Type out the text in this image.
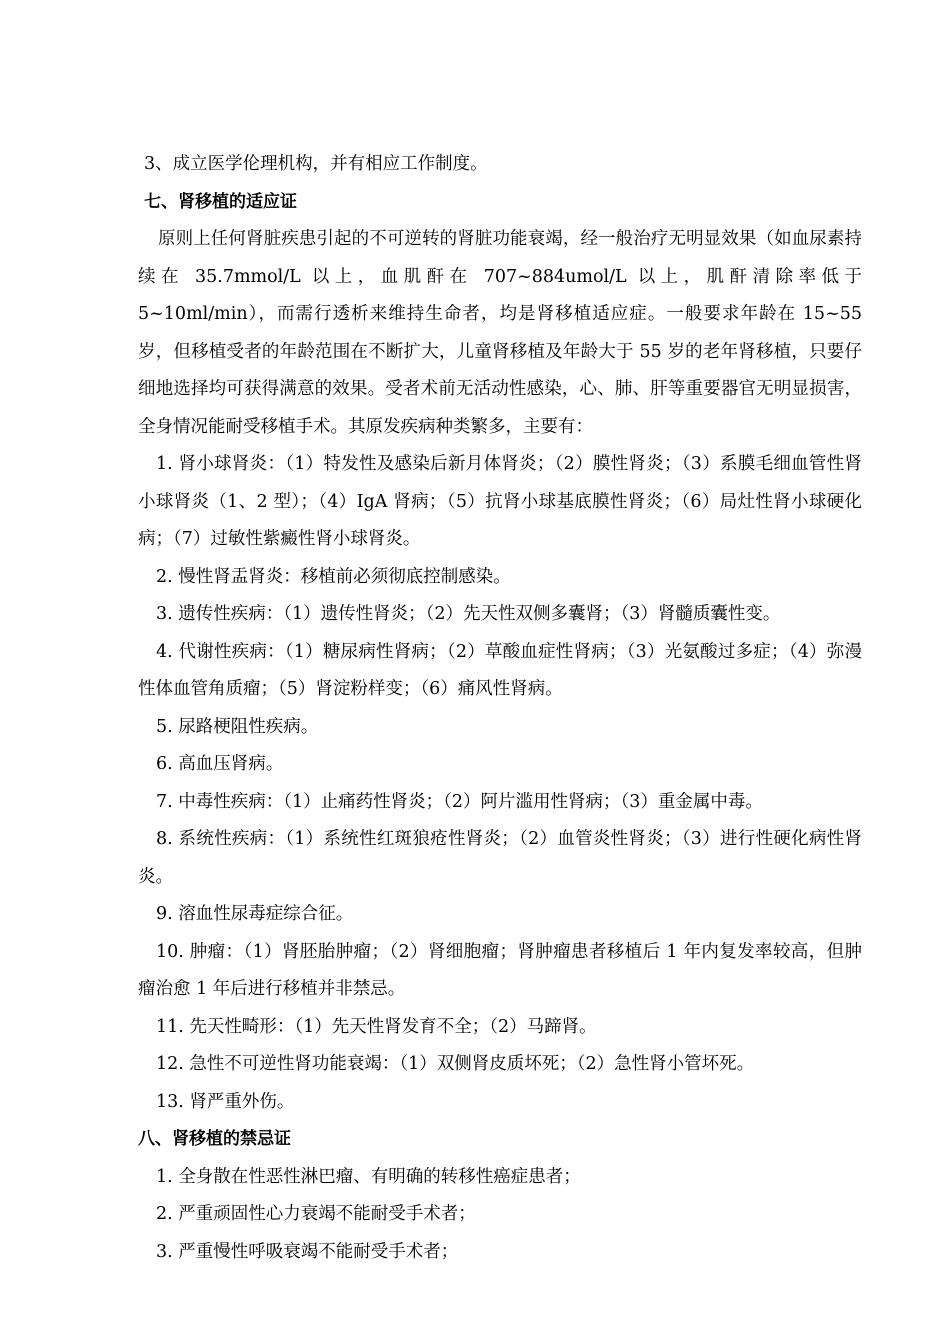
3、成立医学伦理机构，并有相应工作制度。

七、肾移植的适应证

原则上任何肾脏疾患引起的不可逆转的肾脏功能衰竭，经一般治疗无明显效果（如血尿素持续在 35.7mmol/L 以上，血肌酐在 707~884umol/L 以上，肌酐清除率低于 5~10ml/min），而需行透析来维持生命者，均是肾移植适应症。一般要求年龄在 15~55 岁，但移植受者的年龄范围在不断扩大，儿童肾移植及年龄大于 55 岁的老年肾移植，只要仔细地选择均可获得满意的效果。受者术前无活动性感染，心、肺、肝等重要器官无明显损害，全身情况能耐受移植手术。其原发疾病种类繁多，主要有：

1. 肾小球肾炎：（1）特发性及感染后新月体肾炎；（2）膜性肾炎；（3）系膜毛细血管性肾小球肾炎（1、2 型）；（4）IgA 肾病；（5）抗肾小球基底膜性肾炎；（6）局灶性肾小球硬化病；（7）过敏性紫癜性肾小球肾炎。

2. 慢性肾盂肾炎：移植前必须彻底控制感染。

3. 遗传性疾病：（1）遗传性肾炎；（2）先天性双侧多囊肾；（3）肾髓质囊性变。

4. 代谢性疾病：（1）糖尿病性肾病；（2）草酸血症性肾病；（3）光氨酸过多症；（4）弥漫性体血管角质瘤；（5）肾淀粉样变；（6）痛风性肾病。

5. 尿路梗阻性疾病。

6. 高血压肾病。

7. 中毒性疾病：（1）止痛药性肾炎；（2）阿片滥用性肾病；（3）重金属中毒。

8. 系统性疾病：（1）系统性红斑狼疮性肾炎；（2）血管炎性肾炎；（3）进行性硬化病性肾炎。

9. 溶血性尿毒症综合征。

10. 肿瘤：（1）肾胚胎肿瘤；（2）肾细胞瘤；肾肿瘤患者移植后 1 年内复发率较高，但肿瘤治愈 1 年后进行移植并非禁忌。

11. 先天性畸形：（1）先天性肾发育不全；（2）马蹄肾。

12. 急性不可逆性肾功能衰竭：（1）双侧肾皮质坏死；（2）急性肾小管坏死。

13. 肾严重外伤。

八、肾移植的禁忌证

1. 全身散在性恶性淋巴瘤、有明确的转移性癌症患者；

2. 严重顽固性心力衰竭不能耐受手术者；

3. 严重慢性呼吸衰竭不能耐受手术者；
